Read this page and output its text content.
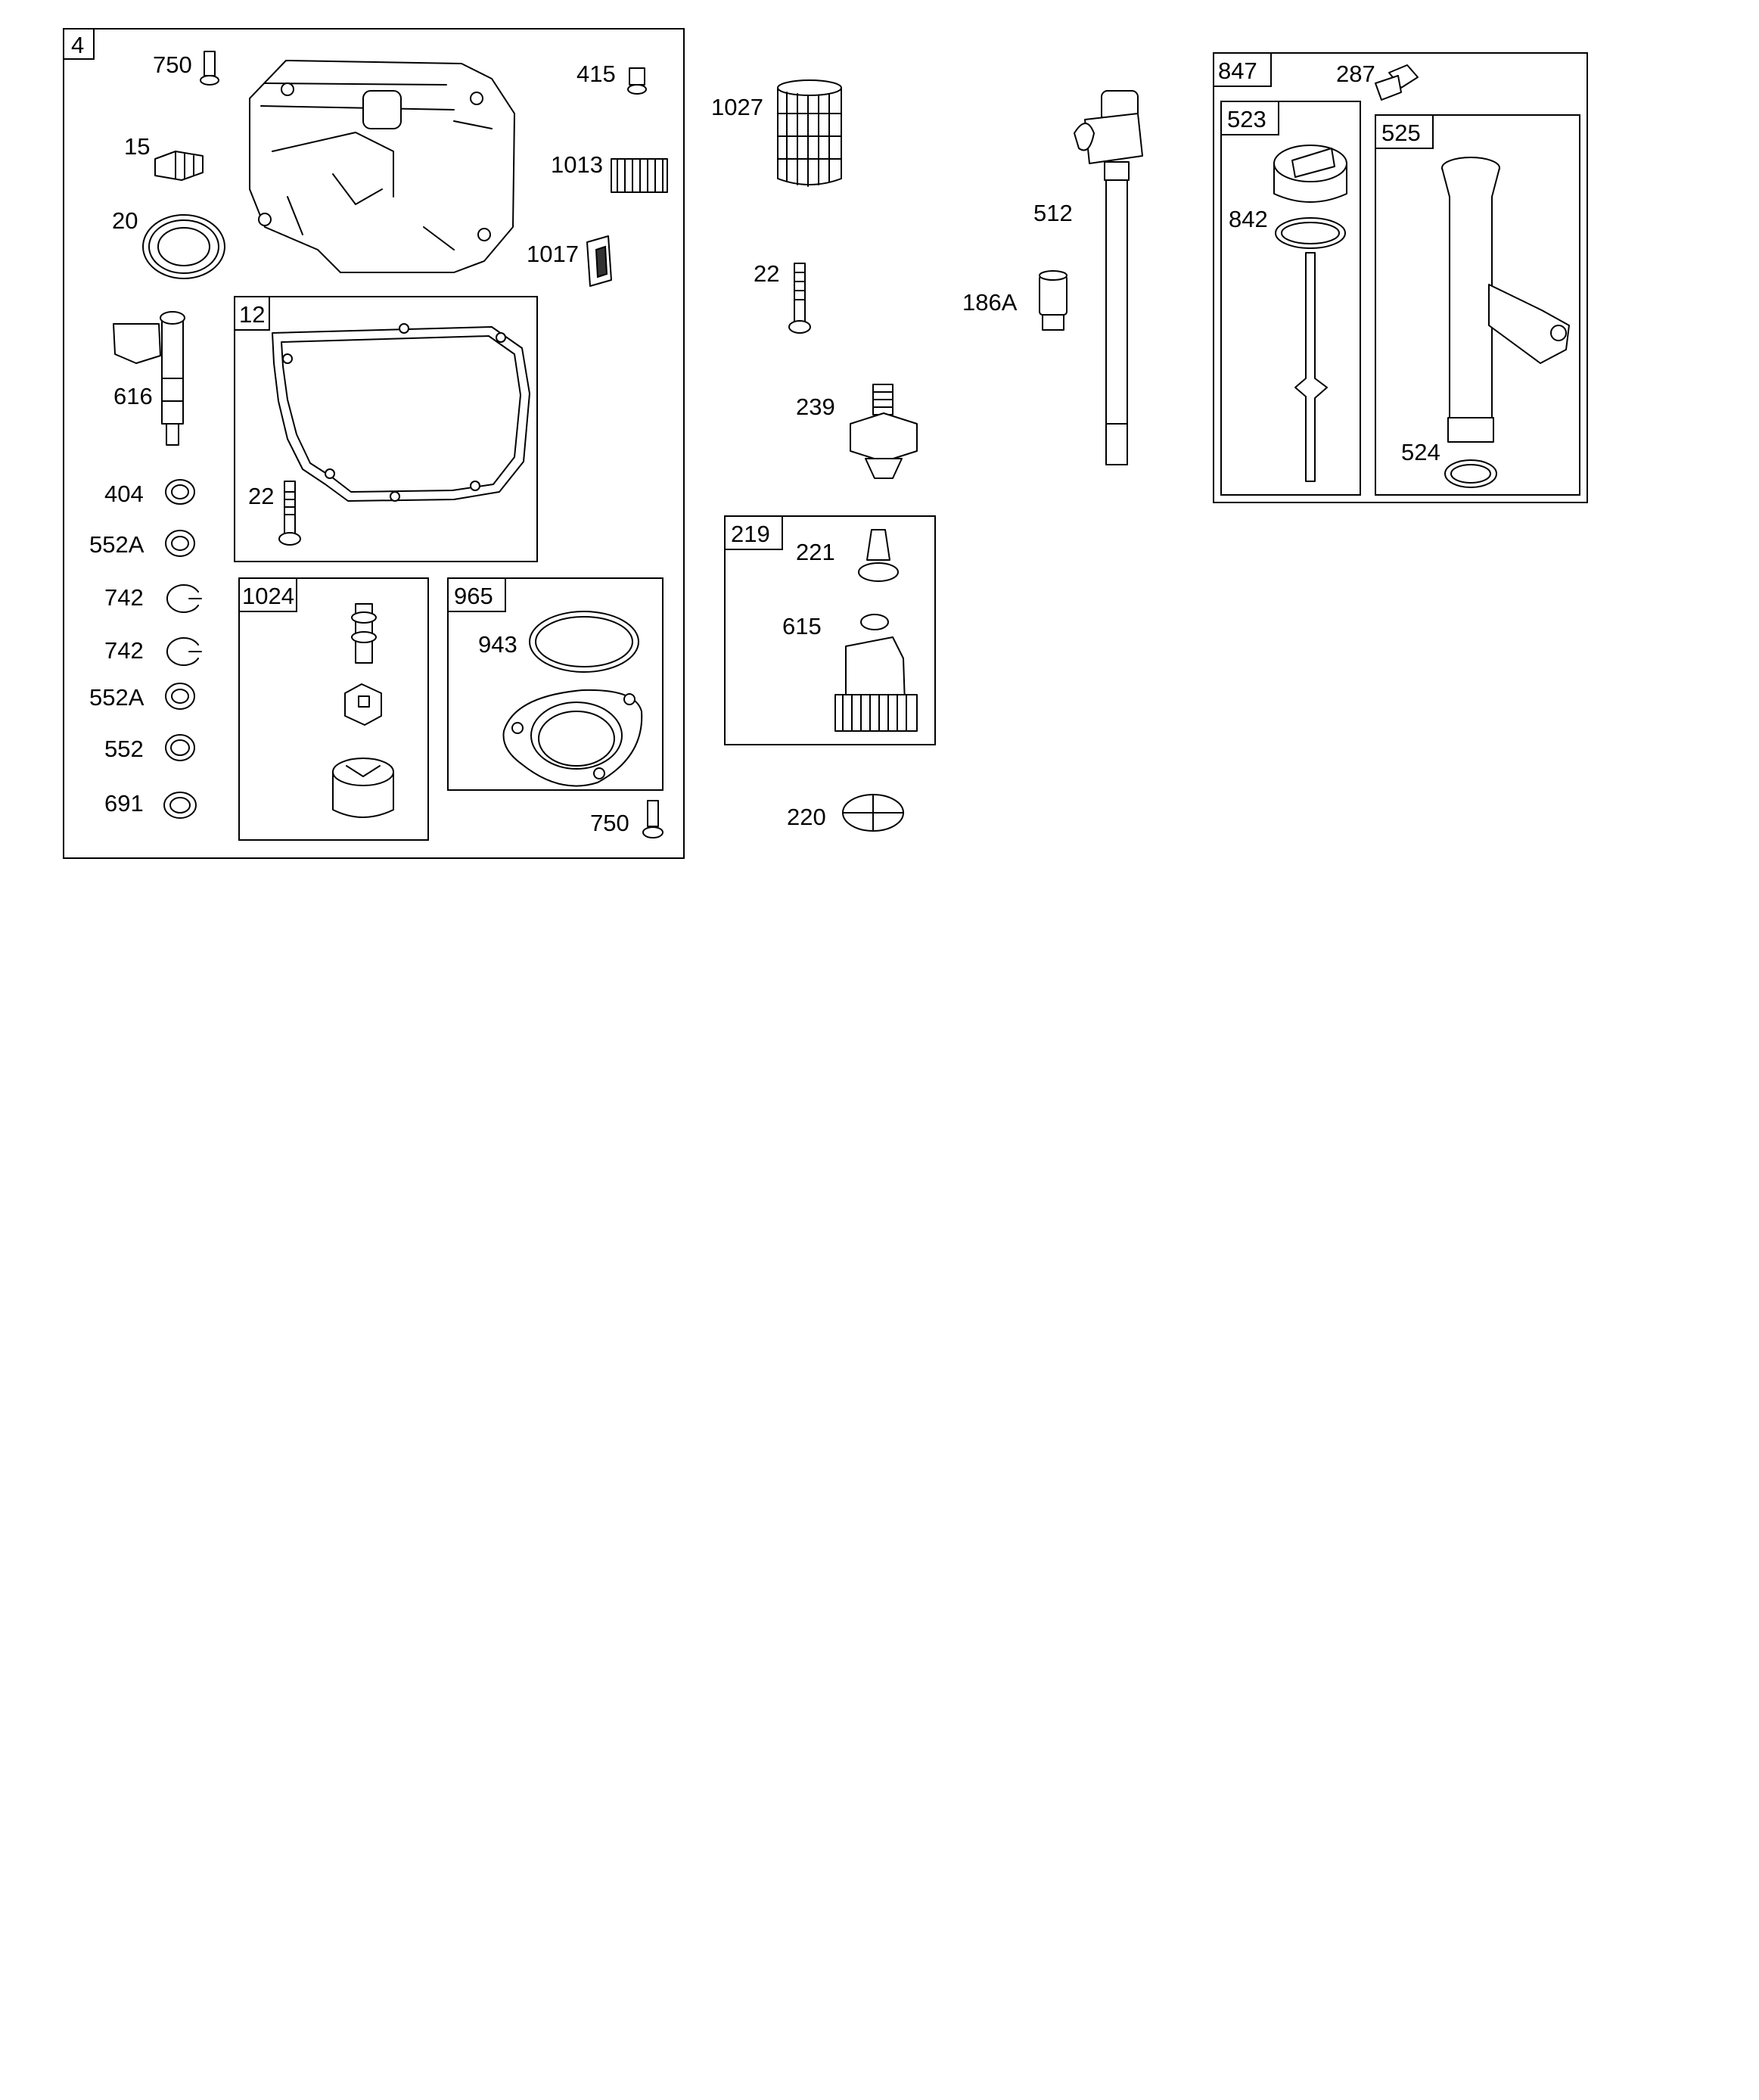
4
750	415
15
1013
20
1017
616
404
552A
742
742
552A
552
691
12
22
1024	965
943
750
1027
22
239
219
221
615
220
512
186A
847	287
523
842
525
524
